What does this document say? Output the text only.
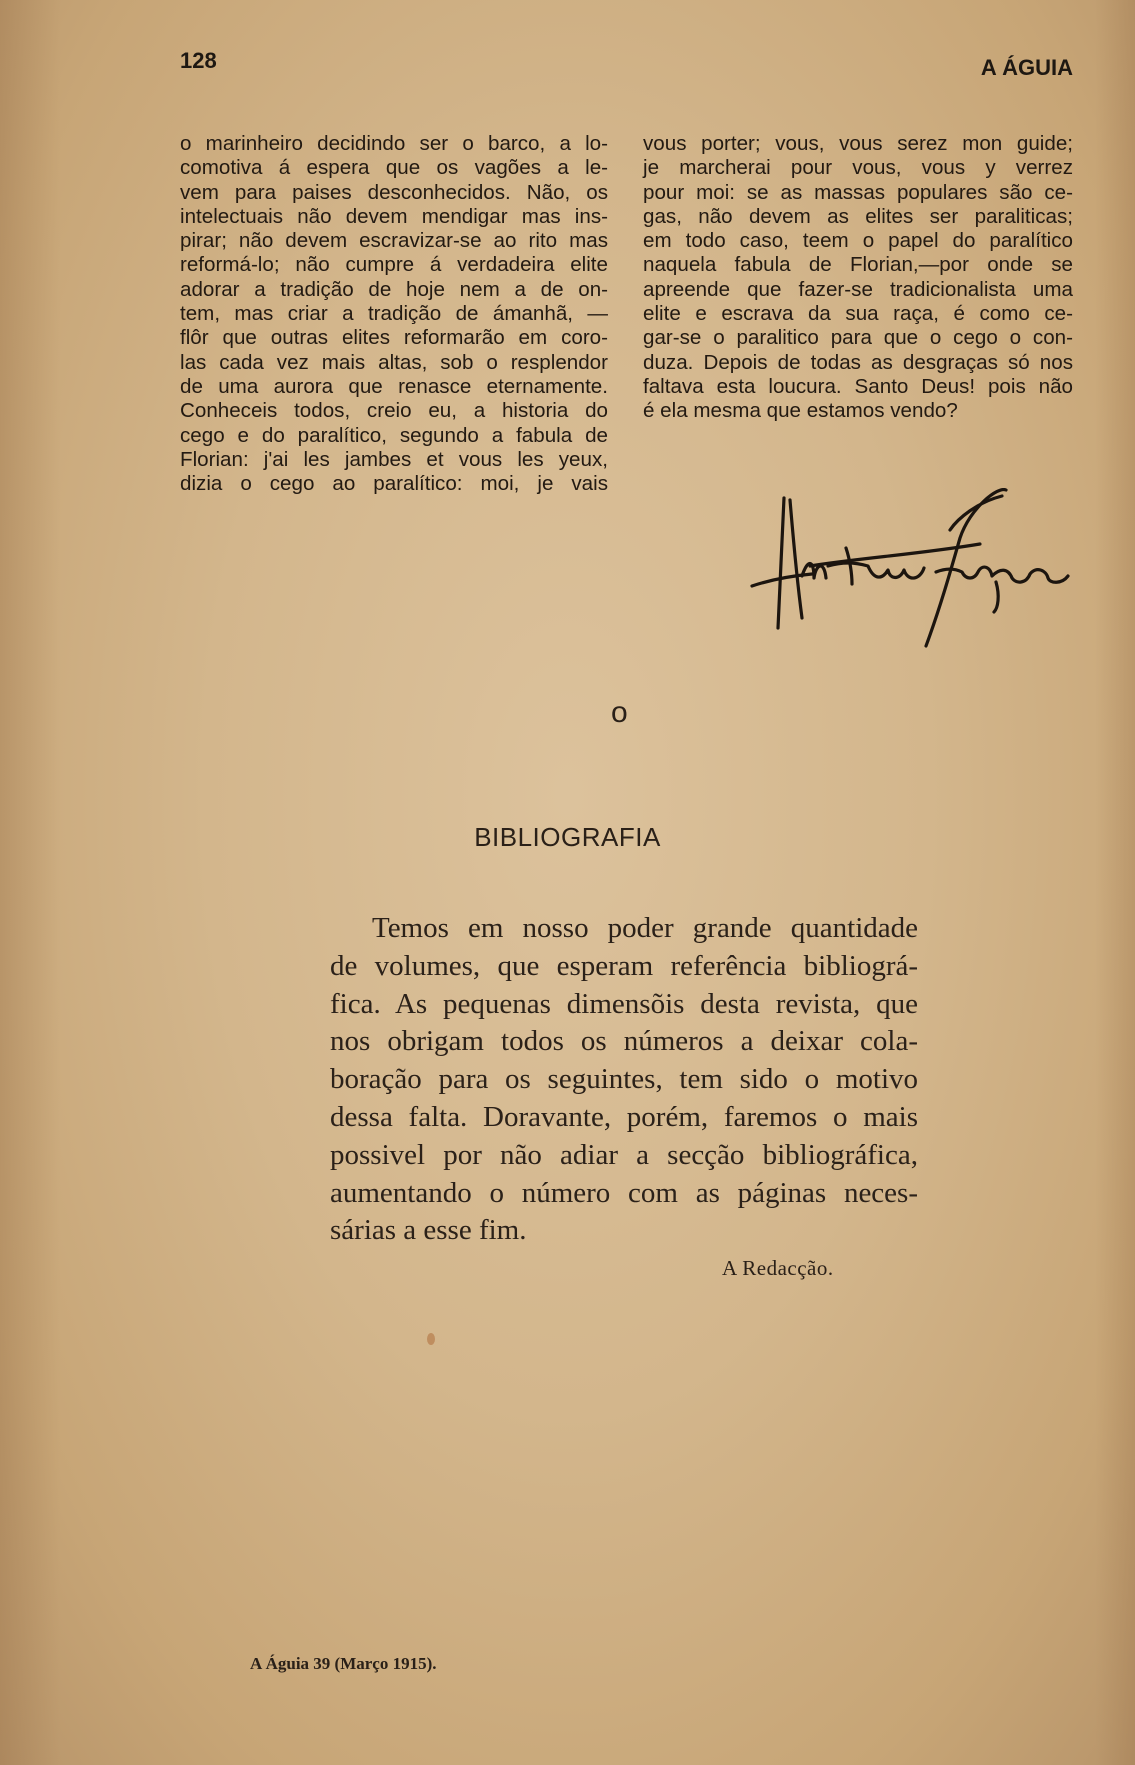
128	A ÁGUIA
o marinheiro decidindo ser o barco, a lo-
comotiva á espera que os vagões a le-
vem para paises desconhecidos. Não, os
intelectuais não devem mendigar mas ins-
pirar; não devem escravizar-se ao rito mas
reformá-lo; não cumpre á verdadeira elite
adorar a tradição de hoje nem a de on-
tem, mas criar a tradição de ámanhã, —
flôr que outras elites reformarão em coro-
las cada vez mais altas, sob o resplendor
de uma aurora que renasce eternamente.
Conheceis todos, creio eu, a historia do
cego e do paralítico, segundo a fabula de
Florian: j'ai les jambes et vous les yeux,
dizia o cego ao paralítico: moi, je vais
vous porter; vous, vous serez mon guide;
je marcherai pour vous, vous y verrez
pour moi: se as massas populares são ce-
gas, não devem as elites ser paraliticas;
em todo caso, teem o papel do paralítico
naquela fabula de Florian,—por onde se
apreende que fazer-se tradicionalista uma
elite e escrava da sua raça, é como ce-
gar-se o paralitico para que o cego o con-
duza. Depois de todas as desgraças só nos
faltava esta loucura. Santo Deus! pois não
é ela mesma que estamos vendo?
o
BIBLIOGRAFIA
Temos em nosso poder grande quantidade
de volumes, que esperam referência bibliográ-
fica. As pequenas dimensõis desta revista, que
nos obrigam todos os números a deixar cola-
boração para os seguintes, tem sido o motivo
dessa falta. Doravante, porém, faremos o mais
possivel por não adiar a secção bibliográfica,
aumentando o número com as páginas neces-
sárias a esse fim.
A Redacção.
A Águia 39 (Março 1915).
